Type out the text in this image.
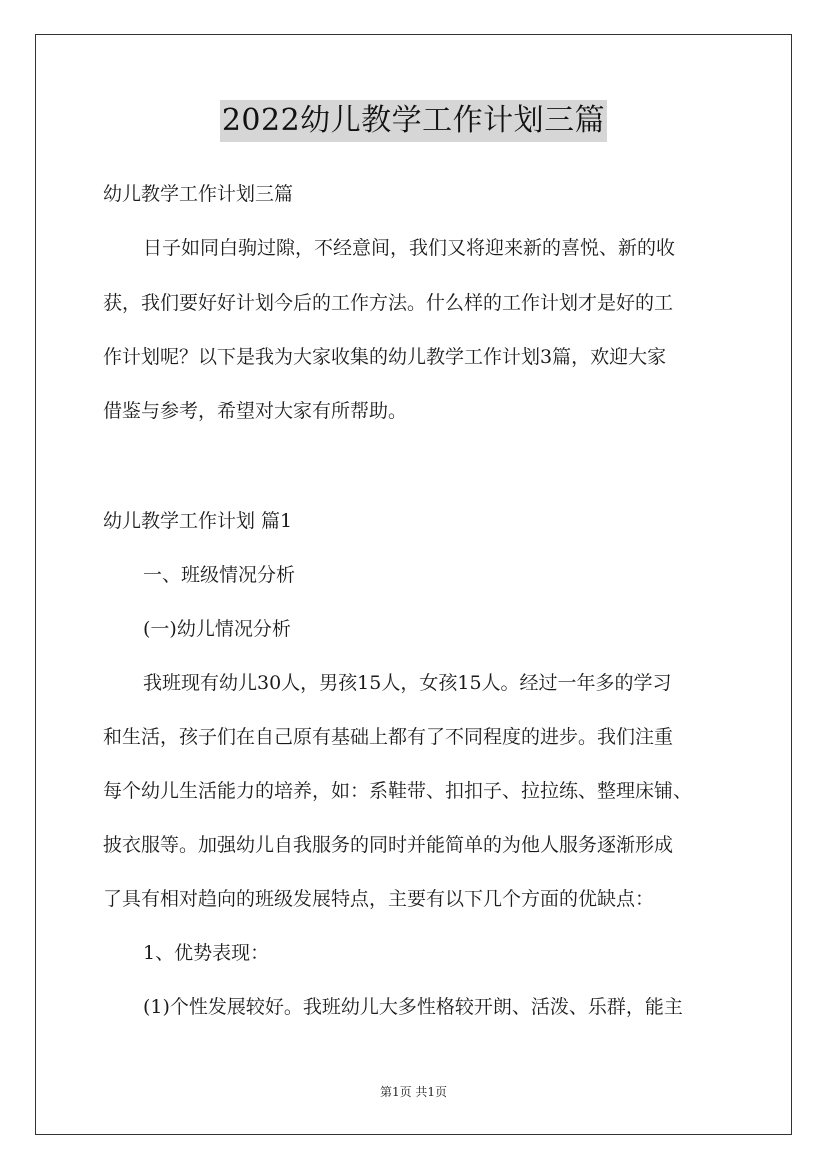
2022幼儿教学工作计划三篇
幼儿教学工作计划三篇
日子如同白驹过隙，不经意间，我们又将迎来新的喜悦、新的收
获，我们要好好计划今后的工作方法。什么样的工作计划才是好的工
作计划呢？以下是我为大家收集的幼儿教学工作计划3篇，欢迎大家
借鉴与参考，希望对大家有所帮助。
幼儿教学工作计划 篇1
一、班级情况分析
(一)幼儿情况分析
我班现有幼儿30人，男孩15人，女孩15人。经过一年多的学习
和生活，孩子们在自己原有基础上都有了不同程度的进步。我们注重
每个幼儿生活能力的培养，如：系鞋带、扣扣子、拉拉练、整理床铺、
披衣服等。加强幼儿自我服务的同时并能简单的为他人服务逐渐形成
了具有相对趋向的班级发展特点，主要有以下几个方面的优缺点：
1、优势表现：
(1)个性发展较好。我班幼儿大多性格较开朗、活泼、乐群，能主
第1页 共1页
